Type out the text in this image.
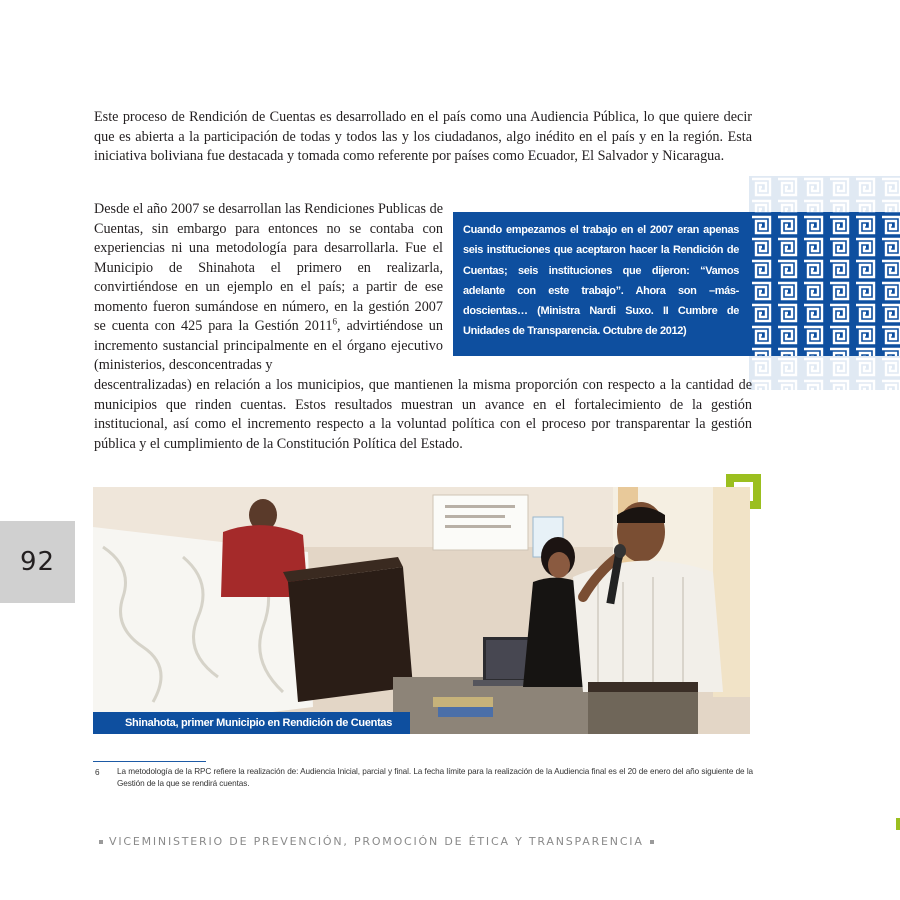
Este proceso de Rendición de Cuentas es desarrollado en el país como una Audiencia Pública, lo que quiere decir que es abierta a la participación de todas y todos las y los ciudadanos, algo inédito en el país y en la región. Esta iniciativa boliviana fue destacada y tomada como referente por países como Ecuador, El Salvador y Nicaragua.

Desde el año 2007 se desarrollan las Rendiciones Publicas de Cuentas, sin embargo para entonces no se contaba con experiencias ni una metodología para desarrollarla. Fue el Municipio de Shinahota el primero en realizarla, convirtiéndose en un ejemplo en el país; a partir de ese momento fueron sumándose en número, en la gestión 2007 se cuenta con 425 para la Gestión 2011$^6$, advirtiéndose un incremento sustancial principalmente en el órgano ejecutivo (ministerios, desconcentradas y

Cuando empezamos el trabajo en el 2007 eran apenas seis instituciones que aceptaron hacer la Rendición de Cuentas; seis instituciones que dijeron: “Vamos adelante con este trabajo”. Ahora son –más- doscientas… (Ministra Nardi Suxo. II Cumbre de Unidades de Transparencia. Octubre de 2012)

descentralizadas) en relación a los municipios, que mantienen la misma proporción con respecto a la cantidad de municipios que rinden cuentas. Estos resultados muestran un avance en el fortalecimiento de la gestión institucional, así como el incremento respecto a la voluntad política con el proceso por transparentar la gestión pública y el cumplimiento de la Constitución Política del Estado.

Shinahota, primer Municipio en Rendición de Cuentas
92
6 La metodología de la RPC refiere la realización de: Audiencia Inicial, parcial y final. La fecha límite para la realización de la Audiencia final es el 20 de enero del año siguiente de la Gestión de la que se rendirá cuentas.

VICEMINISTERIO DE PREVENCIÓN, PROMOCIÓN DE ÉTICA Y TRANSPARENCIA
